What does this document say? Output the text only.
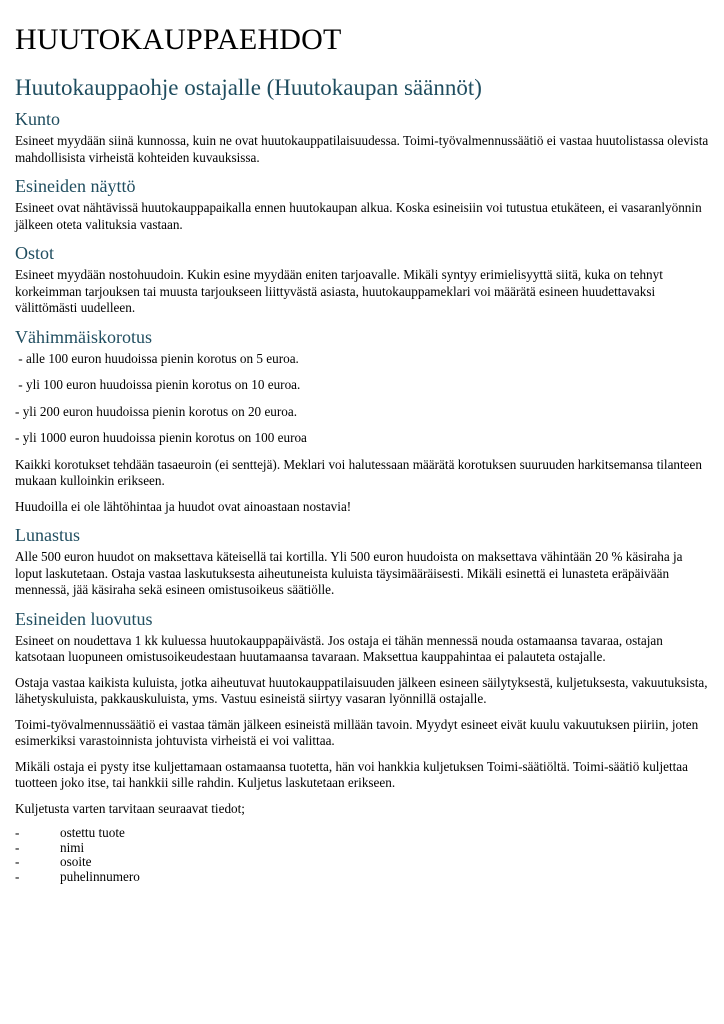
HUUTOKAUPPAEHDOT
Huutokauppaohje ostajalle (Huutokaupan säännöt)
Kunto

Esineet myydään siinä kunnossa, kuin ne ovat huutokauppatilaisuudessa. Toimi-työvalmennussäätiö ei vastaa huutolistassa olevista mahdollisista virheistä kohteiden kuvauksissa.

Esineiden näyttö

Esineet ovat nähtävissä huutokauppapaikalla ennen huutokaupan alkua. Koska esineisiin voi tutustua etukäteen, ei vasaranlyönnin jälkeen oteta valituksia vastaan.

Ostot

Esineet myydään nostohuudoin. Kukin esine myydään eniten tarjoavalle. Mikäli syntyy erimielisyyttä siitä, kuka on tehnyt korkeimman tarjouksen tai muusta tarjoukseen liittyvästä asiasta, huutokauppameklari voi määrätä esineen huudettavaksi välittömästi uudelleen.

Vähimmäiskorotus

- alle 100 euron huudoissa pienin korotus on 5 euroa.

- yli 100 euron huudoissa pienin korotus on 10 euroa.

- yli 200 euron huudoissa pienin korotus on 20 euroa.

- yli 1000 euron huudoissa pienin korotus on 100 euroa

Kaikki korotukset tehdään tasaeuroin (ei senttejä). Meklari voi halutessaan määrätä korotuksen suuruuden harkitsemansa tilanteen mukaan kulloinkin erikseen.

Huudoilla ei ole lähtöhintaa ja huudot ovat ainoastaan nostavia!

Lunastus

Alle 500 euron huudot on maksettava käteisellä tai kortilla. Yli 500 euron huudoista on maksettava vähintään 20 % käsiraha ja loput laskutetaan. Ostaja vastaa laskutuksesta aiheutuneista kuluista täysimääräisesti. Mikäli esinettä ei lunasteta eräpäivään mennessä, jää käsiraha sekä esineen omistusoikeus säätiölle.

Esineiden luovutus

Esineet on noudettava 1 kk kuluessa huutokauppapäivästä. Jos ostaja ei tähän mennessä nouda ostamaansa tavaraa, ostajan katsotaan luopuneen omistusoikeudestaan huutamaansa tavaraan. Maksettua kauppahintaa ei palauteta ostajalle.

Ostaja vastaa kaikista kuluista, jotka aiheutuvat huutokauppatilaisuuden jälkeen esineen säilytyksestä, kuljetuksesta, vakuutuksista, lähetyskuluista, pakkauskuluista, yms. Vastuu esineistä siirtyy vasaran lyönnillä ostajalle.

Toimi-työvalmennussäätiö ei vastaa tämän jälkeen esineistä millään tavoin. Myydyt esineet eivät kuulu vakuutuksen piiriin, joten esimerkiksi varastoinnista johtuvista virheistä ei voi valittaa.

Mikäli ostaja ei pysty itse kuljettamaan ostamaansa tuotetta, hän voi hankkia kuljetuksen Toimi-säätiöltä. Toimi-säätiö kuljettaa tuotteen joko itse, tai hankkii sille rahdin. Kuljetus laskutetaan erikseen.

Kuljetusta varten tarvitaan seuraavat tiedot;

-	ostettu tuote
-	nimi
-	osoite
-	puhelinnumero
